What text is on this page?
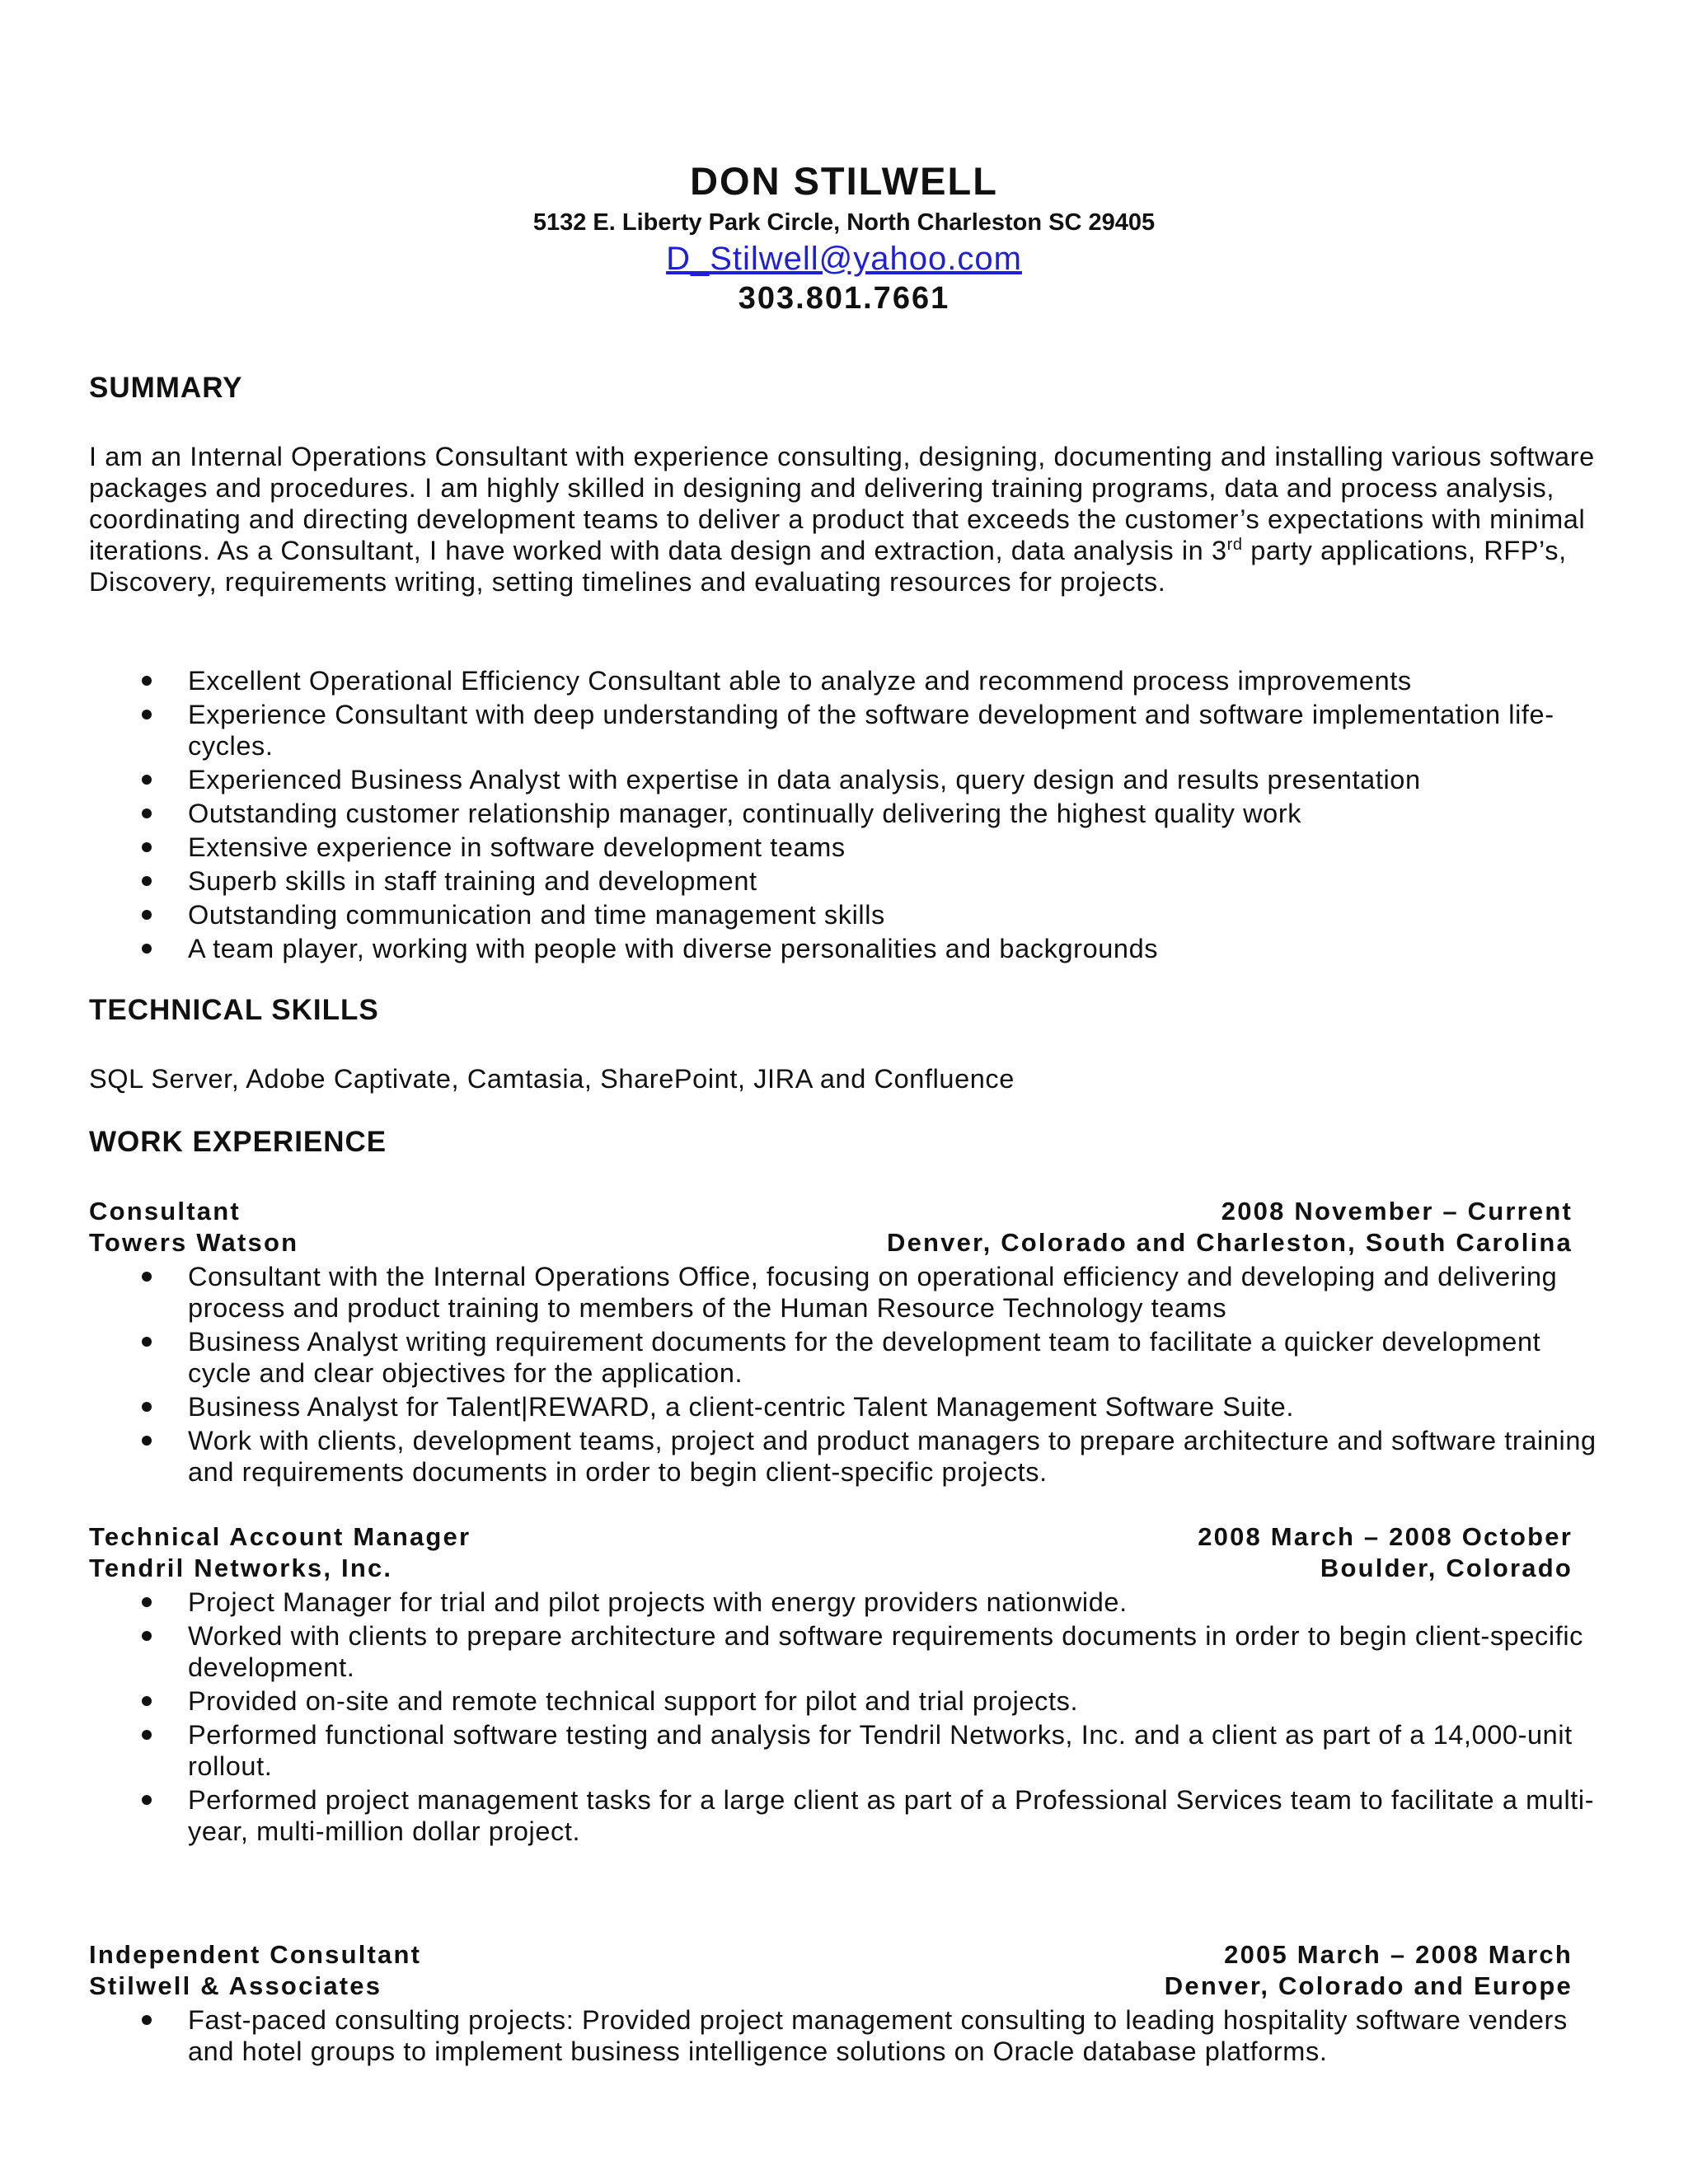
DON STILWELL
5132 E. Liberty Park Circle, North Charleston SC 29405
D_Stilwell@yahoo.com
303.801.7661
SUMMARY

I am an Internal Operations Consultant with experience consulting, designing, documenting and installing various software packages and procedures. I am highly skilled in designing and delivering training programs, data and process analysis, coordinating and directing development teams to deliver a product that exceeds the customer’s expectations with minimal iterations. As a Consultant, I have worked with data design and extraction, data analysis in 3rd party applications, RFP’s, Discovery, requirements writing, setting timelines and evaluating resources for projects.

Excellent Operational Efficiency Consultant able to analyze and recommend process improvements
Experience Consultant with deep understanding of the software development and software implementation life-cycles.
Experienced Business Analyst with expertise in data analysis, query design and results presentation
Outstanding customer relationship manager, continually delivering the highest quality work
Extensive experience in software development teams
Superb skills in staff training and development
Outstanding communication and time management skills
A team player, working with people with diverse personalities and backgrounds
TECHNICAL SKILLS

SQL Server, Adobe Captivate, Camtasia, SharePoint, JIRA and Confluence

WORK EXPERIENCE
Consultant	2008 November – Current
Towers Watson	Denver, Colorado and Charleston, South Carolina
Consultant with the Internal Operations Office, focusing on operational efficiency and developing and delivering process and product training to members of the Human Resource Technology teams
Business Analyst writing requirement documents for the development team to facilitate a quicker development cycle and clear objectives for the application.
Business Analyst for Talent|REWARD, a client-centric Talent Management Software Suite.
Work with clients, development teams, project and product managers to prepare architecture and software training and requirements documents in order to begin client-specific projects.
Technical Account Manager	2008 March – 2008 October
Tendril Networks, Inc.	Boulder, Colorado
Project Manager for trial and pilot projects with energy providers nationwide.
Worked with clients to prepare architecture and software requirements documents in order to begin client-specific development.
Provided on-site and remote technical support for pilot and trial projects.
Performed functional software testing and analysis for Tendril Networks, Inc. and a client as part of a 14,000-unit rollout.
Performed project management tasks for a large client as part of a Professional Services team to facilitate a multi-year, multi-million dollar project.
Independent Consultant	2005 March – 2008 March
Stilwell & Associates	Denver, Colorado and Europe
Fast-paced consulting projects: Provided project management consulting to leading hospitality software venders and hotel groups to implement business intelligence solutions on Oracle database platforms.
